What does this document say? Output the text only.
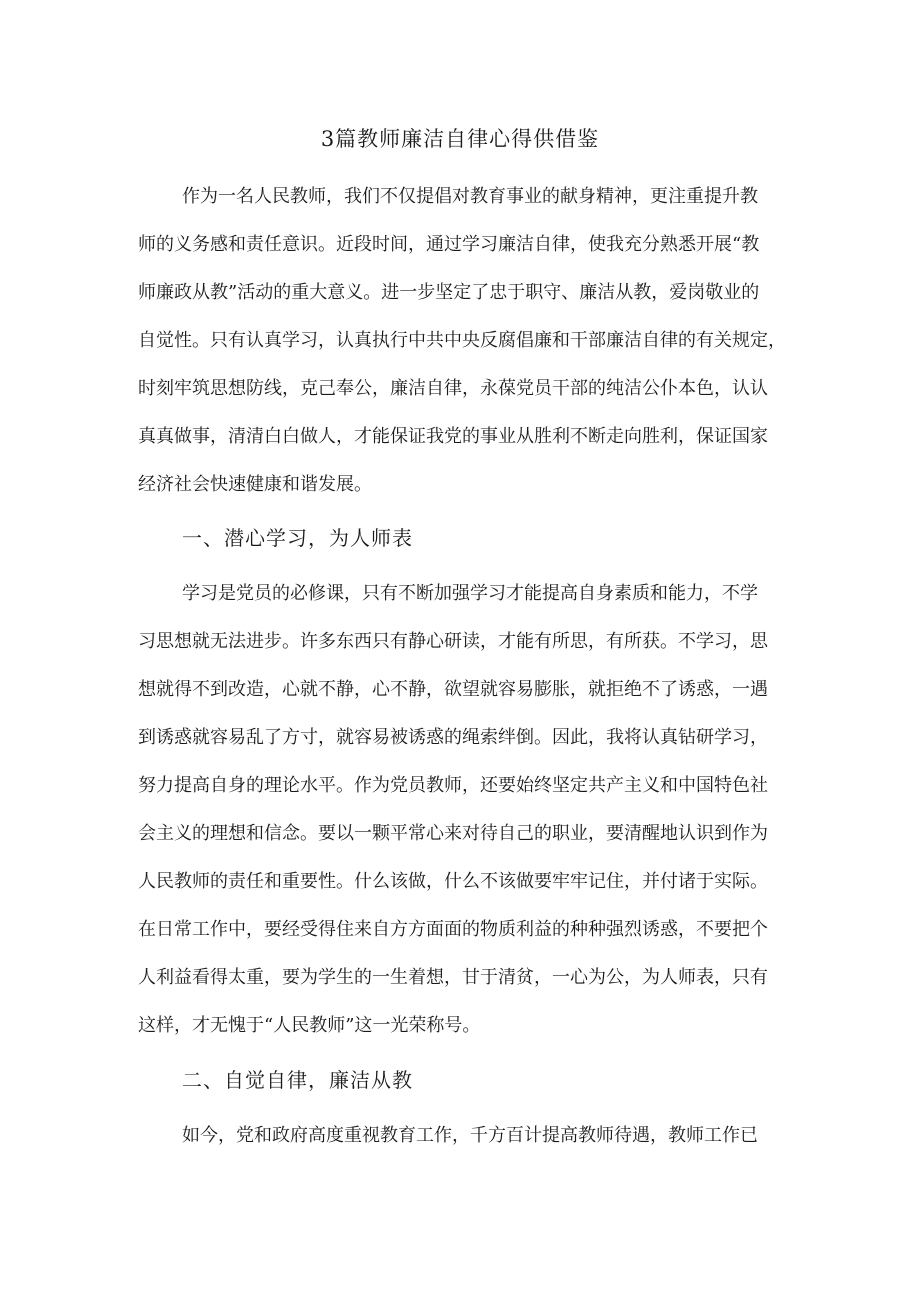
3篇教师廉洁自律心得供借鉴
作为一名人民教师，我们不仅提倡对教育事业的献身精神，更注重提升教
师的义务感和责任意识。近段时间，通过学习廉洁自律，使我充分熟悉开展“教
师廉政从教”活动的重大意义。进一步坚定了忠于职守、廉洁从教，爱岗敬业的
自觉性。只有认真学习，认真执行中共中央反腐倡廉和干部廉洁自律的有关规定，
时刻牢筑思想防线，克己奉公，廉洁自律，永葆党员干部的纯洁公仆本色，认认
真真做事，清清白白做人，才能保证我党的事业从胜利不断走向胜利，保证国家
经济社会快速健康和谐发展。
一、潜心学习，为人师表
学习是党员的必修课，只有不断加强学习才能提高自身素质和能力，不学
习思想就无法进步。许多东西只有静心研读，才能有所思，有所获。不学习，思
想就得不到改造，心就不静，心不静，欲望就容易膨胀，就拒绝不了诱惑，一遇
到诱惑就容易乱了方寸，就容易被诱惑的绳索绊倒。因此，我将认真钻研学习，
努力提高自身的理论水平。作为党员教师，还要始终坚定共产主义和中国特色社
会主义的理想和信念。要以一颗平常心来对待自己的职业，要清醒地认识到作为
人民教师的责任和重要性。什么该做，什么不该做要牢牢记住，并付诸于实际。
在日常工作中，要经受得住来自方方面面的物质利益的种种强烈诱惑，不要把个
人利益看得太重，要为学生的一生着想，甘于清贫，一心为公，为人师表，只有
这样，才无愧于“人民教师”这一光荣称号。
二、自觉自律，廉洁从教
如今，党和政府高度重视教育工作，千方百计提高教师待遇，教师工作已
